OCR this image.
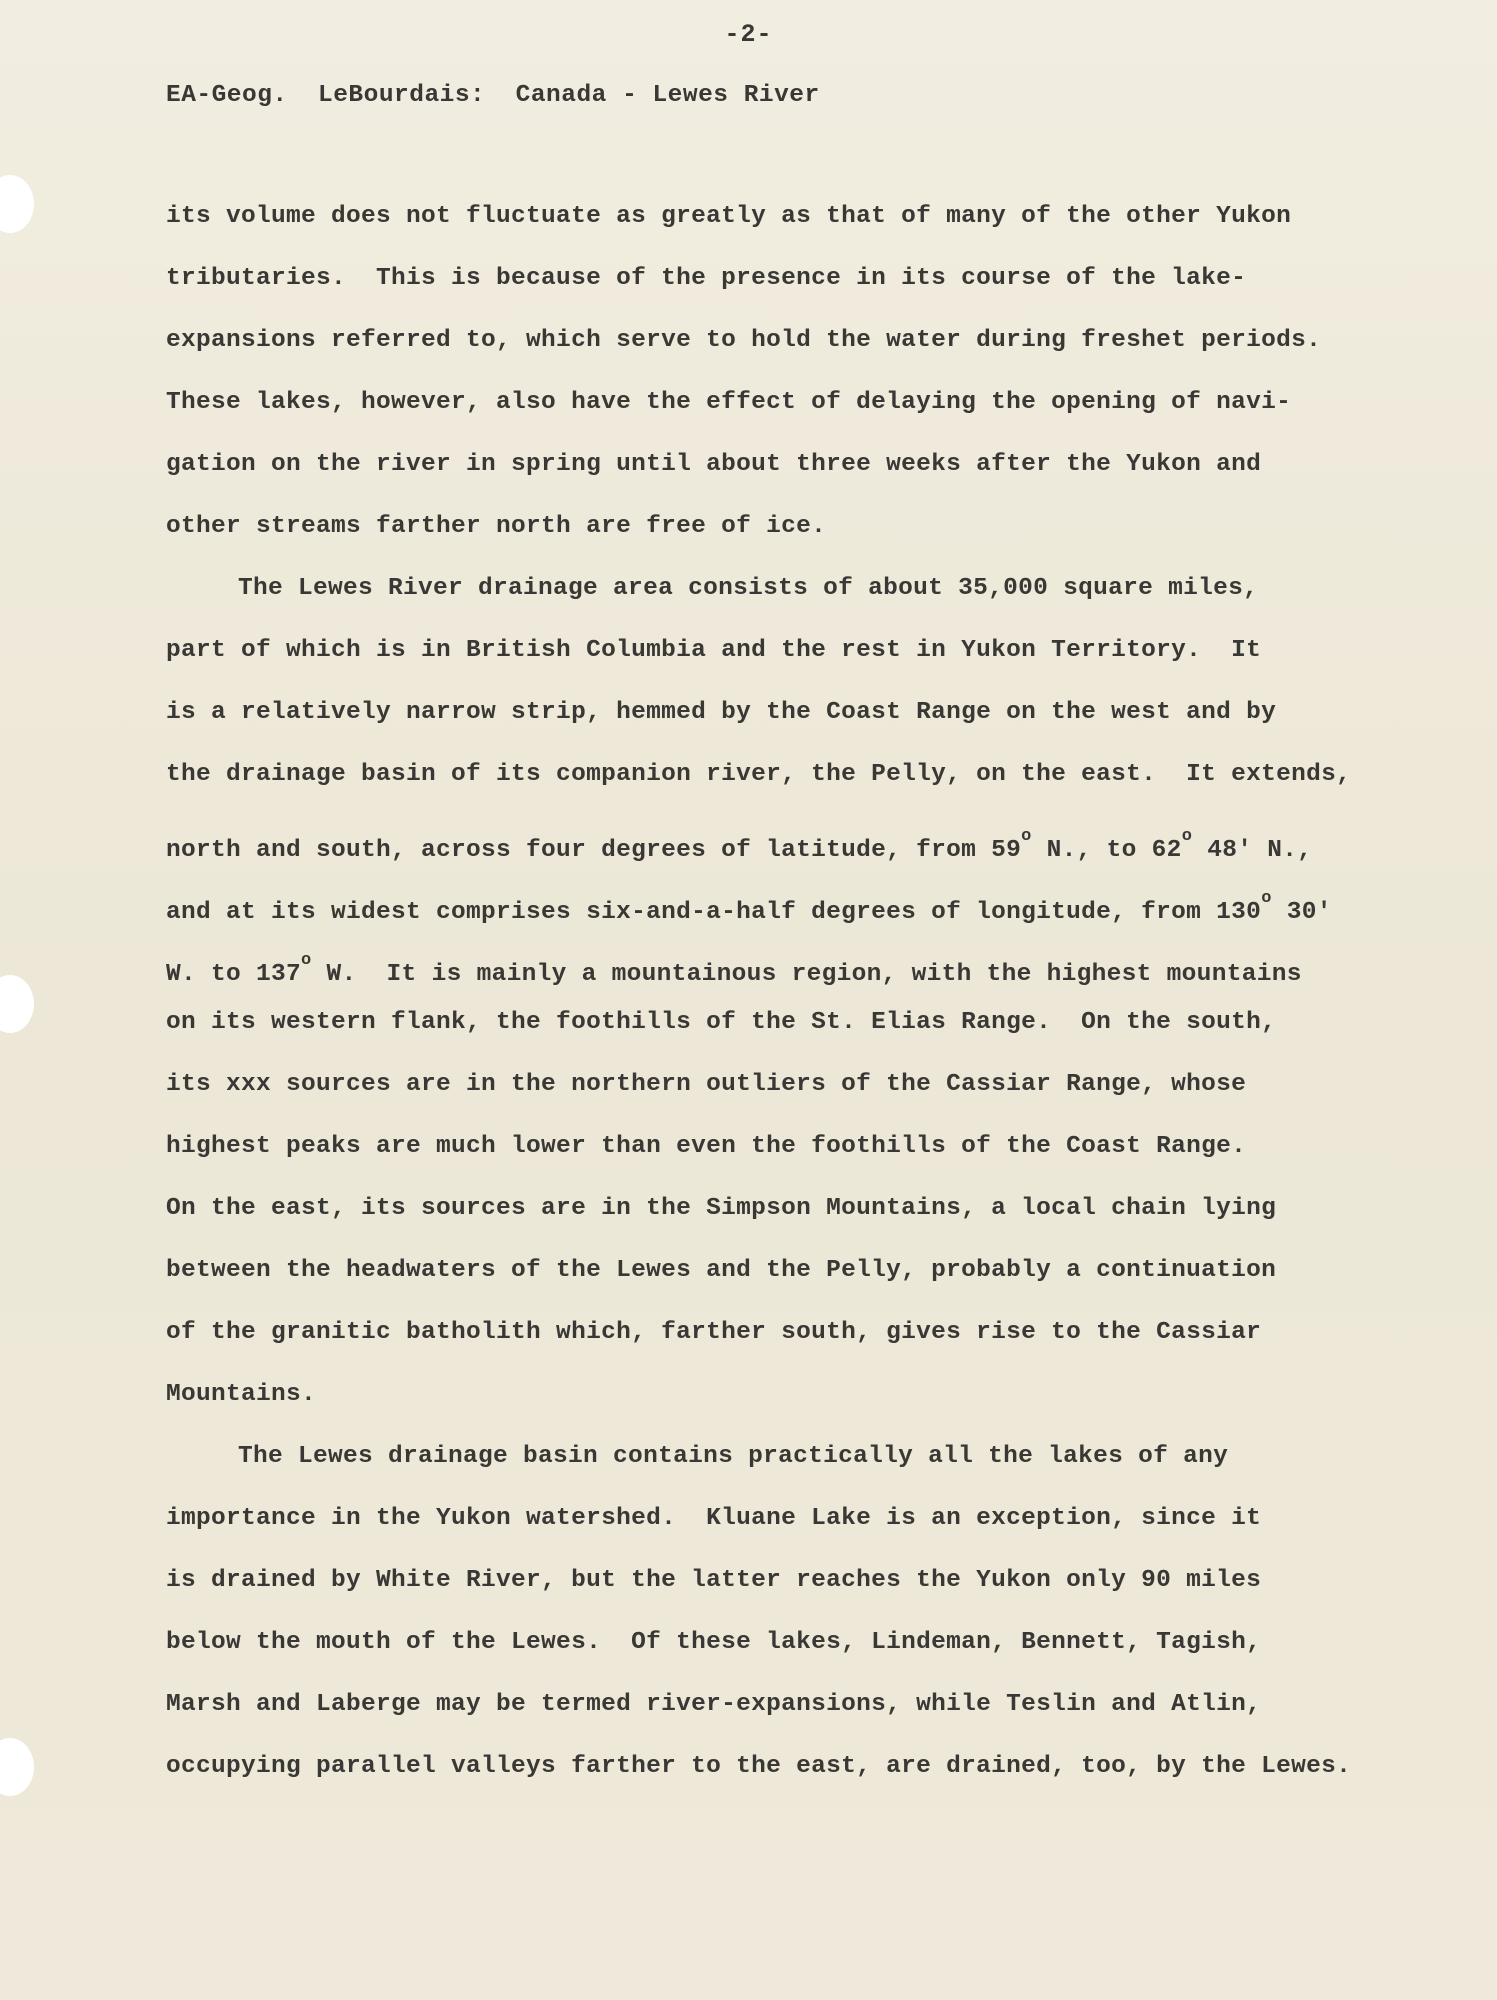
-2-
EA-Geog.  LeBourdais:  Canada - Lewes River
its volume does not fluctuate as greatly as that of many of the other Yukon
tributaries.  This is because of the presence in its course of the lake-
expansions referred to, which serve to hold the water during freshet periods.
These lakes, however, also have the effect of delaying the opening of navi-
gation on the river in spring until about three weeks after the Yukon and
other streams farther north are free of ice.
The Lewes River drainage area consists of about 35,000 square miles,
part of which is in British Columbia and the rest in Yukon Territory.  It
is a relatively narrow strip, hemmed by the Coast Range on the west and by
the drainage basin of its companion river, the Pelly, on the east.  It extends,
north and south, across four degrees of latitude, from 59$^o$ N., to 62$^o$ 48' N.,
and at its widest comprises six-and-a-half degrees of longitude, from 130$^o$ 30'
W. to 137$^o$ W.  It is mainly a mountainous region, with the highest mountains
on its western flank, the foothills of the St. Elias Range.  On the south,
its xxx sources are in the northern outliers of the Cassiar Range, whose
highest peaks are much lower than even the foothills of the Coast Range.
On the east, its sources are in the Simpson Mountains, a local chain lying
between the headwaters of the Lewes and the Pelly, probably a continuation
of the granitic batholith which, farther south, gives rise to the Cassiar
Mountains.
The Lewes drainage basin contains practically all the lakes of any
importance in the Yukon watershed.  Kluane Lake is an exception, since it
is drained by White River, but the latter reaches the Yukon only 90 miles
below the mouth of the Lewes.  Of these lakes, Lindeman, Bennett, Tagish,
Marsh and Laberge may be termed river-expansions, while Teslin and Atlin,
occupying parallel valleys farther to the east, are drained, too, by the Lewes.
